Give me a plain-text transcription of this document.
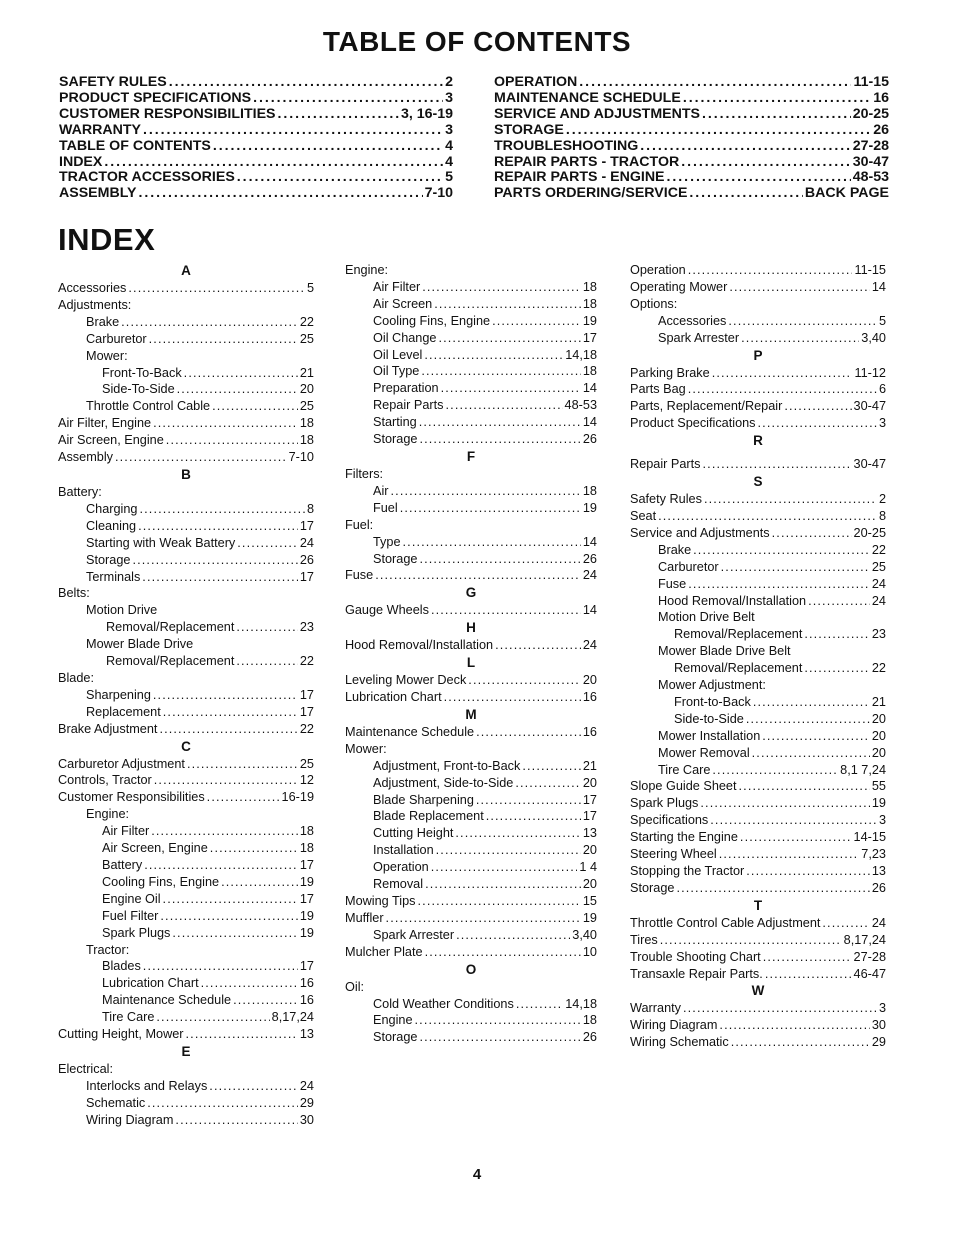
TABLE OF CONTENTS
SAFETY RULES . . .	2
PRODUCT SPECIFICATIONS . . .	3
CUSTOMER RESPONSIBILITIES . . .	3, 16-19
WARRANTY . . .	3
TABLE OF CONTENTS . . .	4
INDEX . . .	4
TRACTOR ACCESSORIES . . .	5
ASSEMBLY . . .	7-10
OPERATION . . .	11-15
MAINTENANCE SCHEDULE . . .	16
SERVICE AND ADJUSTMENTS . . .	20-25
STORAGE . . .	26
TROUBLESHOOTING . . .	27-28
REPAIR PARTS - TRACTOR . . .	30-47
REPAIR PARTS - ENGINE . . .	48-53
PARTS ORDERING/SERVICE . . .	BACK PAGE
INDEX
A
Accessories . . .	5
Adjustments:
Brake . . .	22
Carburetor . . .	25
Mower:
Front-To-Back . . .	21
Side-To-Side . . .	20
Throttle Control Cable . . .	25
Air Filter, Engine . . .	18
Air Screen, Engine . . .	18
Assembly . . .	7-10
B
Battery:
Charging . . .	8
Cleaning . . .	17
Starting with Weak Battery . . .	24
Storage . . .	26
Terminals . . .	17
Belts:
Motion Drive
Removal/Replacement . . .	23
Mower Blade Drive
Removal/Replacement . . .	22
Blade:
Sharpening . . .	17
Replacement . . .	17
Brake Adjustment . . .	22
C
Carburetor Adjustment . . .	25
Controls, Tractor . . .	12
Customer Responsibilities . . .	16-19
Engine:
Air Filter . . .	18
Air Screen, Engine . . .	18
Battery . . .	17
Cooling Fins, Engine . . .	19
Engine Oil . . .	17
Fuel Filter . . .	19
Spark Plugs . . .	19
Tractor:
Blades . . .	17
Lubrication Chart . . .	16
Maintenance Schedule . . .	16
Tire Care . . .	8,17,24
Cutting Height, Mower . . .	13
E
Electrical:
Interlocks and Relays . . .	24
Schematic . . .	29
Wiring Diagram . . .	30
Engine:
Air Filter . . .	18
Air Screen . . .	18
Cooling Fins, Engine . . .	19
Oil Change . . .	17
Oil Level . . .	14,18
Oil Type . . .	18
Preparation . . .	14
Repair Parts . . .	48-53
Starting . . .	14
Storage . . .	26
F
Filters:
Air . . .	18
Fuel . . .	19
Fuel:
Type . . .	14
Storage . . .	26
Fuse . . .	24
G
Gauge Wheels . . .	14
H
Hood Removal/Installation . . .	24
L
Leveling Mower Deck . . .	20
Lubrication Chart . . .	16
M
Maintenance Schedule . . .	16
Mower:
Adjustment, Front-to-Back . . .	21
Adjustment, Side-to-Side . . .	20
Blade Sharpening . . .	17
Blade Replacement . . .	17
Cutting Height . . .	13
Installation . . .	20
Operation . . .	1 4
Removal . . .	20
Mowing Tips . . .	15
Muffler . . .	19
Spark Arrester . . .	3,40
Mulcher Plate . . .	10
O
Oil:
Cold Weather Conditions . . .	14,18
Engine . . .	18
Storage . . .	26
Operation . . .	11-15
Operating Mower . . .	14
Options:
Accessories . . .	5
Spark Arrester . . .	3,40
P
Parking Brake . . .	11-12
Parts Bag . . .	6
Parts, Replacement/Repair . . .	30-47
Product Specifications . . .	3
R
Repair Parts . . .	30-47
S
Safety Rules . . .	2
Seat . . .	8
Service and Adjustments . . .	20-25
Brake . . .	22
Carburetor . . .	25
Fuse . . .	24
Hood Removal/Installation . . .	24
Motion Drive Belt
Removal/Replacement . . .	23
Mower Blade Drive Belt
Removal/Replacement . . .	22
Mower Adjustment:
Front-to-Back . . .	21
Side-to-Side . . .	20
Mower Installation . . .	20
Mower Removal . . .	20
Tire Care . . .	8,1 7,24
Slope Guide Sheet . . .	55
Spark Plugs . . .	19
Specifications . . .	3
Starting the Engine . . .	14-15
Steering Wheel . . .	7,23
Stopping the Tractor . . .	13
Storage . . .	26
T
Throttle Control Cable Adjustment . . .	24
Tires . . .	8,17,24
Trouble Shooting Chart . . .	27-28
Transaxle Repair Parts. . . .	46-47
W
Warranty . . .	3
Wiring Diagram . . .	30
Wiring Schematic . . .	29
4
